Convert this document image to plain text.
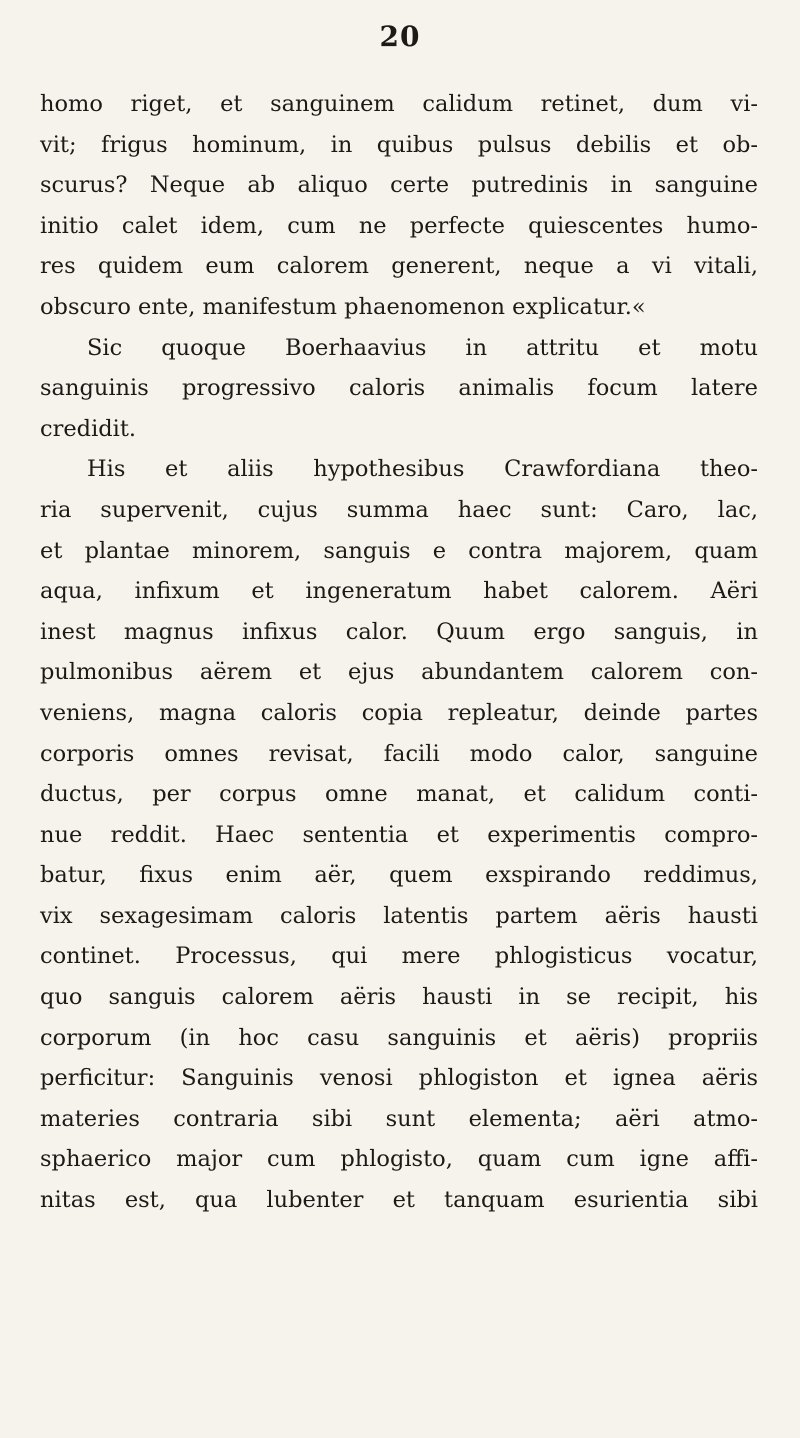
20
homo riget, et sanguinem calidum retinet, dum vi-
vit; frigus hominum, in quibus pulsus debilis et ob-
scurus? Neque ab aliquo certe putredinis in sanguine
initio calet idem, cum ne perfecte quiescentes humo-
res quidem eum calorem generent, neque a vi vitali,
obscuro ente, manifestum phaenomenon explicatur.«
Sic quoque Boerhaavius in attritu et motu
sanguinis progressivo caloris animalis focum latere
credidit.
His et aliis hypothesibus Crawfordiana theo-
ria supervenit, cujus summa haec sunt: Caro, lac,
et plantae minorem, sanguis e contra majorem, quam
aqua, infixum et ingeneratum habet calorem. Aëri
inest magnus infixus calor. Quum ergo sanguis, in
pulmonibus aërem et ejus abundantem calorem con-
veniens, magna caloris copia repleatur, deinde partes
corporis omnes revisat, facili modo calor, sanguine
ductus, per corpus omne manat, et calidum conti-
nue reddit. Haec sententia et experimentis compro-
batur, fixus enim aër, quem exspirando reddimus,
vix sexagesimam caloris latentis partem aëris hausti
continet. Processus, qui mere phlogisticus vocatur,
quo sanguis calorem aëris hausti in se recipit, his
corporum (in hoc casu sanguinis et aëris) propriis
perficitur: Sanguinis venosi phlogiston et ignea aëris
materies contraria sibi sunt elementa; aëri atmo-
sphaerico major cum phlogisto, quam cum igne affi-
nitas est, qua lubenter et tanquam esurientia sibi
